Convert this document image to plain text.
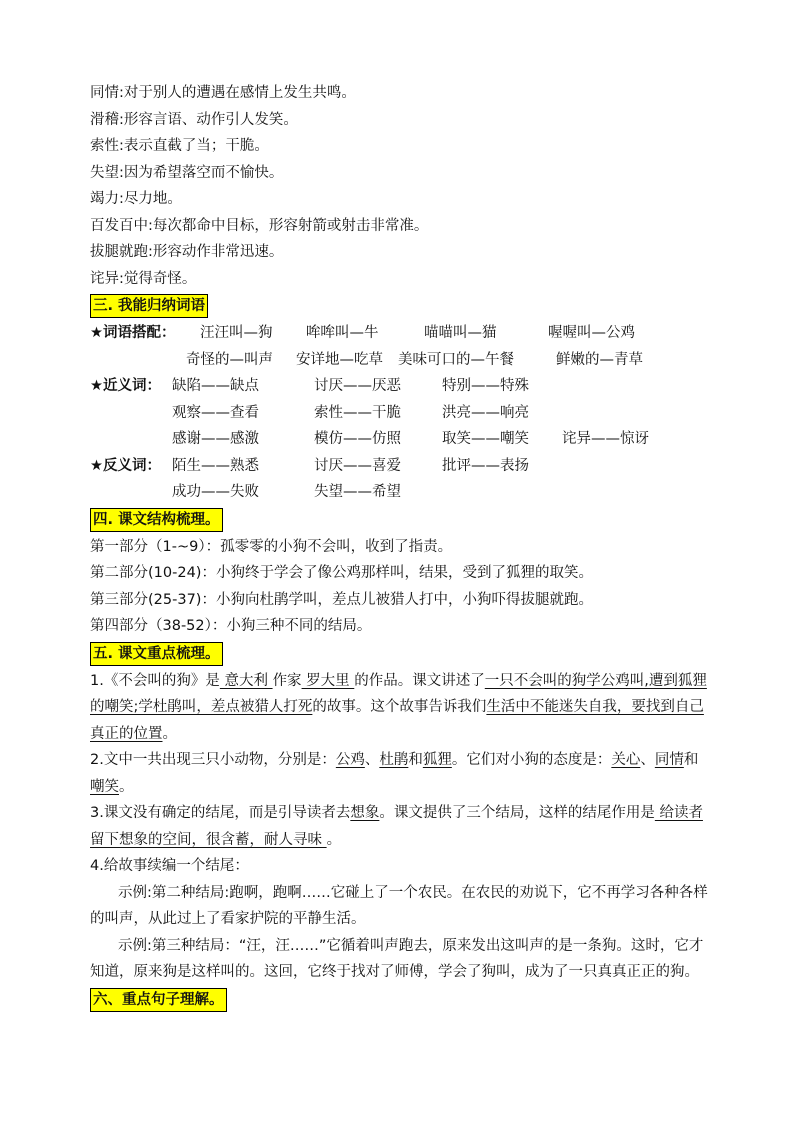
同情:对于别人的遭遇在感情上发生共鸣。
滑稽:形容言语、动作引人发笑。
索性:表示直截了当；干脆。
失望:因为希望落空而不愉快。
竭力:尽力地。
百发百中:每次都命中目标，形容射箭或射击非常准。
拔腿就跑:形容动作非常迅速。
诧异:觉得奇怪。
三. 我能归纳词语
★词语搭配： 汪汪叫—狗 哞哞叫—牛	喵喵叫—猫	喔喔叫—公鸡
奇怪的—叫声 安详地—吃草 美味可口的—午餐	鲜嫩的—青草
★近义词： 缺陷——缺点	讨厌——厌恶	特别——特殊
观察——查看	索性——干脆	洪亮——响亮
感谢——感激	模仿——仿照	取笑——嘲笑 诧异——惊讶
★反义词： 陌生——熟悉	讨厌——喜爱	批评——表扬
成功——失败	失望——希望
四. 课文结构梳理。
第一部分（1-~9）：孤零零的小狗不会叫，收到了指责。
第二部分(10-24)：小狗终于学会了像公鸡那样叫，结果，受到了狐狸的取笑。
第三部分(25-37)：小狗向杜鹃学叫，差点儿被猎人打中，小狗吓得拔腿就跑。
第四部分（38-52）：小狗三种不同的结局。
五. 课文重点梳理。
1.《不会叫的狗》是 意大利 作家 罗大里 的作品。课文讲述了一只不会叫的狗学公鸡叫,遭到狐狸的嘲笑;学杜鹃叫，差点被猎人打死的故事。这个故事告诉我们生活中不能迷失自我，要找到自己真正的位置。
2.文中一共出现三只小动物，分别是：公鸡、杜鹃和狐狸。它们对小狗的态度是：关心、同情和嘲笑。
3.课文没有确定的结尾，而是引导读者去想象。课文提供了三个结局，这样的结尾作用是 给读者留下想象的空间，很含蓄，耐人寻味 。
4.给故事续编一个结尾：
示例:第二种结局:跑啊，跑啊……它碰上了一个农民。在农民的劝说下，它不再学习各种各样的叫声，从此过上了看家护院的平静生活。
示例:第三种结局：“汪，汪……”它循着叫声跑去，原来发出这叫声的是一条狗。这时，它才知道，原来狗是这样叫的。这回，它终于找对了师傅，学会了狗叫，成为了一只真真正正的狗。
六、重点句子理解。
